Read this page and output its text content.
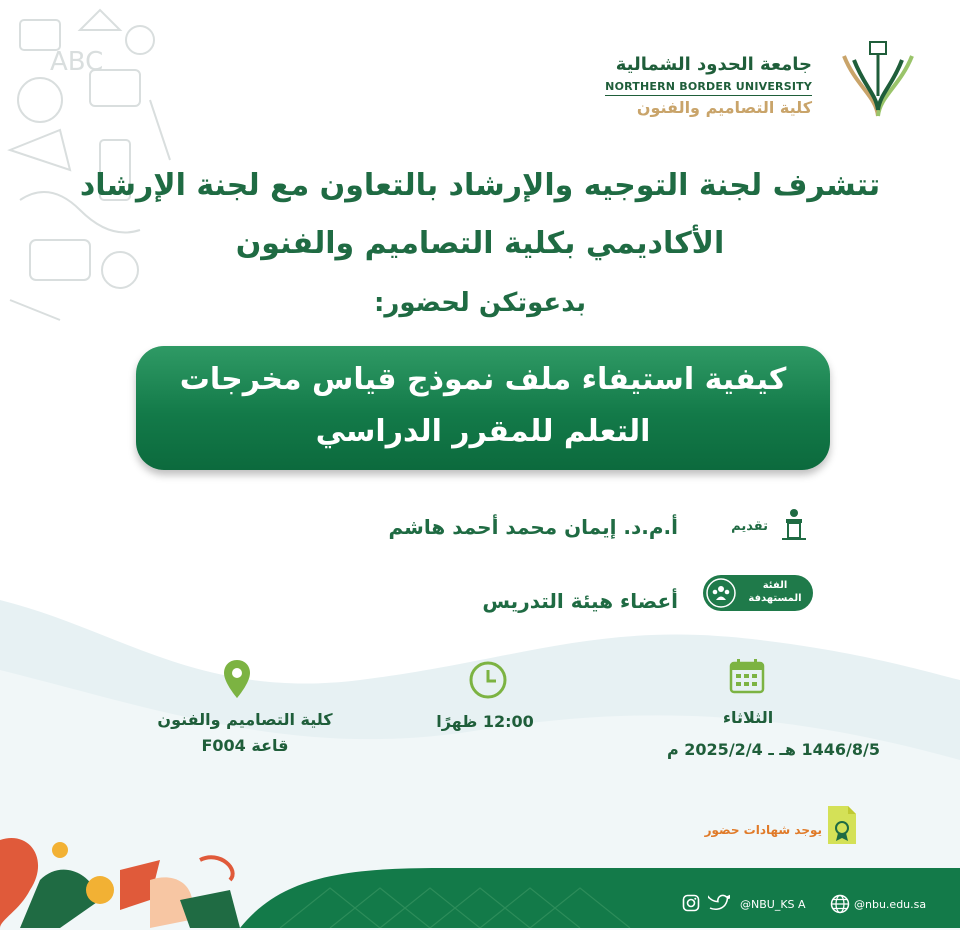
ABC	جامعة الحدود الشمالية
NORTHERN BORDER UNIVERSITY
كلية التصاميم والفنون
تتشرف لجنة التوجيه والإرشاد بالتعاون مع لجنة الإرشاد
الأكاديمي بكلية التصاميم والفنون
بدعوتكن لحضور:
كيفية استيفاء ملف نموذج قياس مخرجات
التعلم للمقرر الدراسي
تقديم
أ.م.د. إيمان محمد أحمد هاشم
الفئة المستهدفة
أعضاء هيئة التدريس
كلية التصاميم والفنون
قاعة F004
12:00 ظهرًا	الثلاثاء
1446/8/5 هـ ـ 2025/2/4 م
يوجد شهادات حضور
@NBU_KS A	@nbu.edu.sa
